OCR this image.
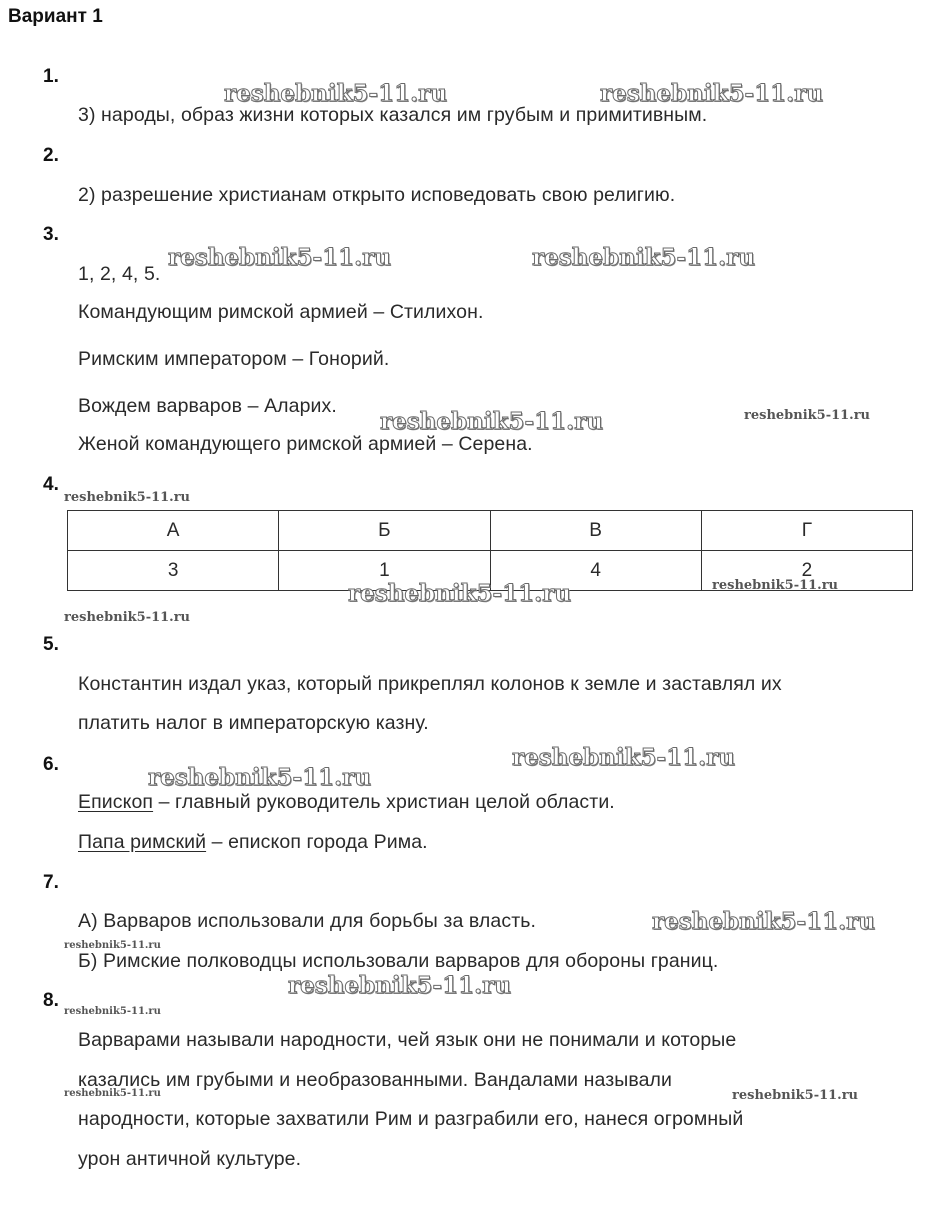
Вариант 1
1.
3) народы, образ жизни которых казался им грубым и примитивным.
2.
2) разрешение христианам открыто исповедовать свою религию.
3.
1, 2, 4, 5.
Командующим римской армией – Стилихон.
Римским императором – Гонорий.
Вождем варваров – Аларих.
Женой командующего римской армией – Серена.
4.
А	Б	В	Г
3	1	4	2
5.
Константин издал указ, который прикреплял колонов к земле и заставлял их
платить налог в императорскую казну.
6.
Епископ – главный руководитель христиан целой области.
Папа римский – епископ города Рима.
7.
А) Варваров использовали для борьбы за власть.
Б) Римские полководцы использовали варваров для обороны границ.
8.
Варварами называли народности, чей язык они не понимали и которые
казались им грубыми и необразованными. Вандалами называли
народности, которые захватили Рим и разграбили его, нанеся огромный
урон античной культуре.
reshebnik5-11.ru	reshebnik5-11.ru
reshebnik5-11.ru	reshebnik5-11.ru
reshebnik5-11.ru	reshebnik5-11.ru
reshebnik5-11.ru
reshebnik5-11.ru
reshebnik5-11.ru
reshebnik5-11.ru
reshebnik5-11.ru
reshebnik5-11.ru
reshebnik5-11.ru
reshebnik5-11.ru
reshebnik5-11.ru
reshebnik5-11.ru
reshebnik5-11.ru	reshebnik5-11.ru
